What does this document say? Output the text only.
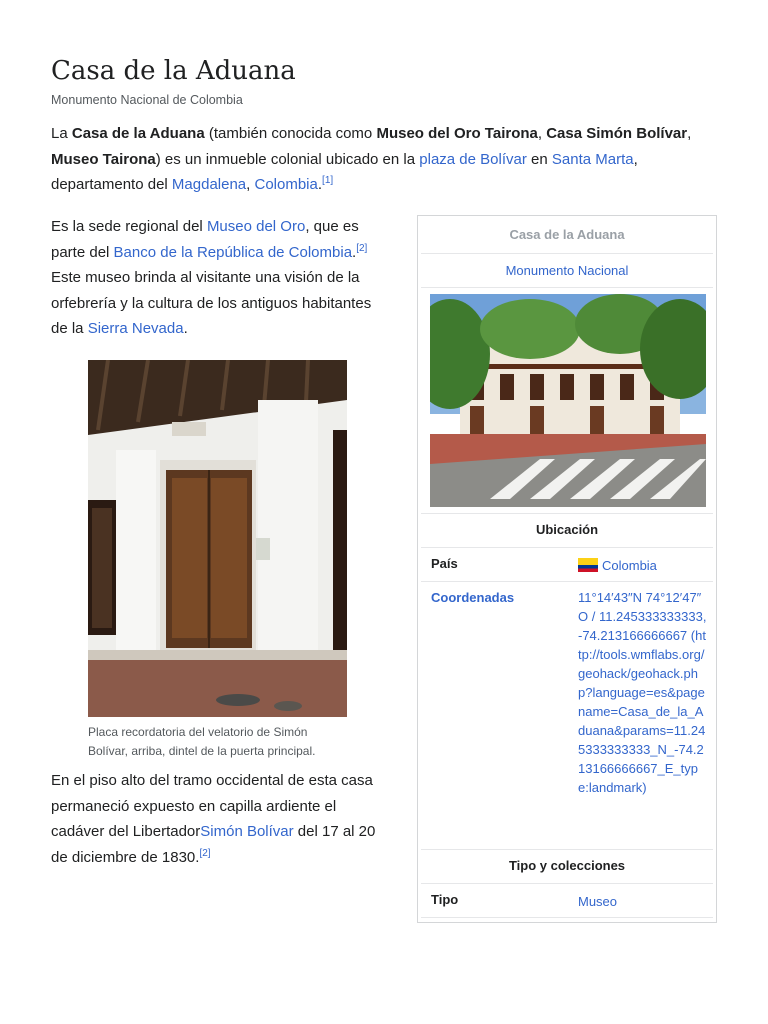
Casa de la Aduana
Monumento Nacional de Colombia

La Casa de la Aduana (también conocida como Museo del Oro Tairona, Casa Simón Bolívar, Museo Tairona) es un inmueble colonial ubicado en la plaza de Bolívar en Santa Marta, departamento del Magdalena, Colombia.[1]

Es la sede regional del Museo del Oro, que es parte del Banco de la República de Colombia.[2] Este museo brinda al visitante una visión de la orfebrería y la cultura de los antiguos habitantes de la Sierra Nevada.

Placa recordatoria del velatorio de Simón Bolívar, arriba, dintel de la puerta principal.

En el piso alto del tramo occidental de esta casa permaneció expuesto en capilla ardiente el cadáver del LibertadorSimón Bolívar del 17 al 20 de diciembre de 1830.[2]

Casa de la Aduana
Monumento Nacional
Ubicación
País	Colombia
Coordenadas	11°14′43″N 74°12′47″O / 11.245333333333, -74.213166666667 (http://tools.wmflabs.org/geohack/geohack.php?language=es&pagename=Casa_de_la_Aduana&params=11.245333333333_N_-74.213166666667_E_type:landmark)
Tipo y colecciones
Tipo	Museo
